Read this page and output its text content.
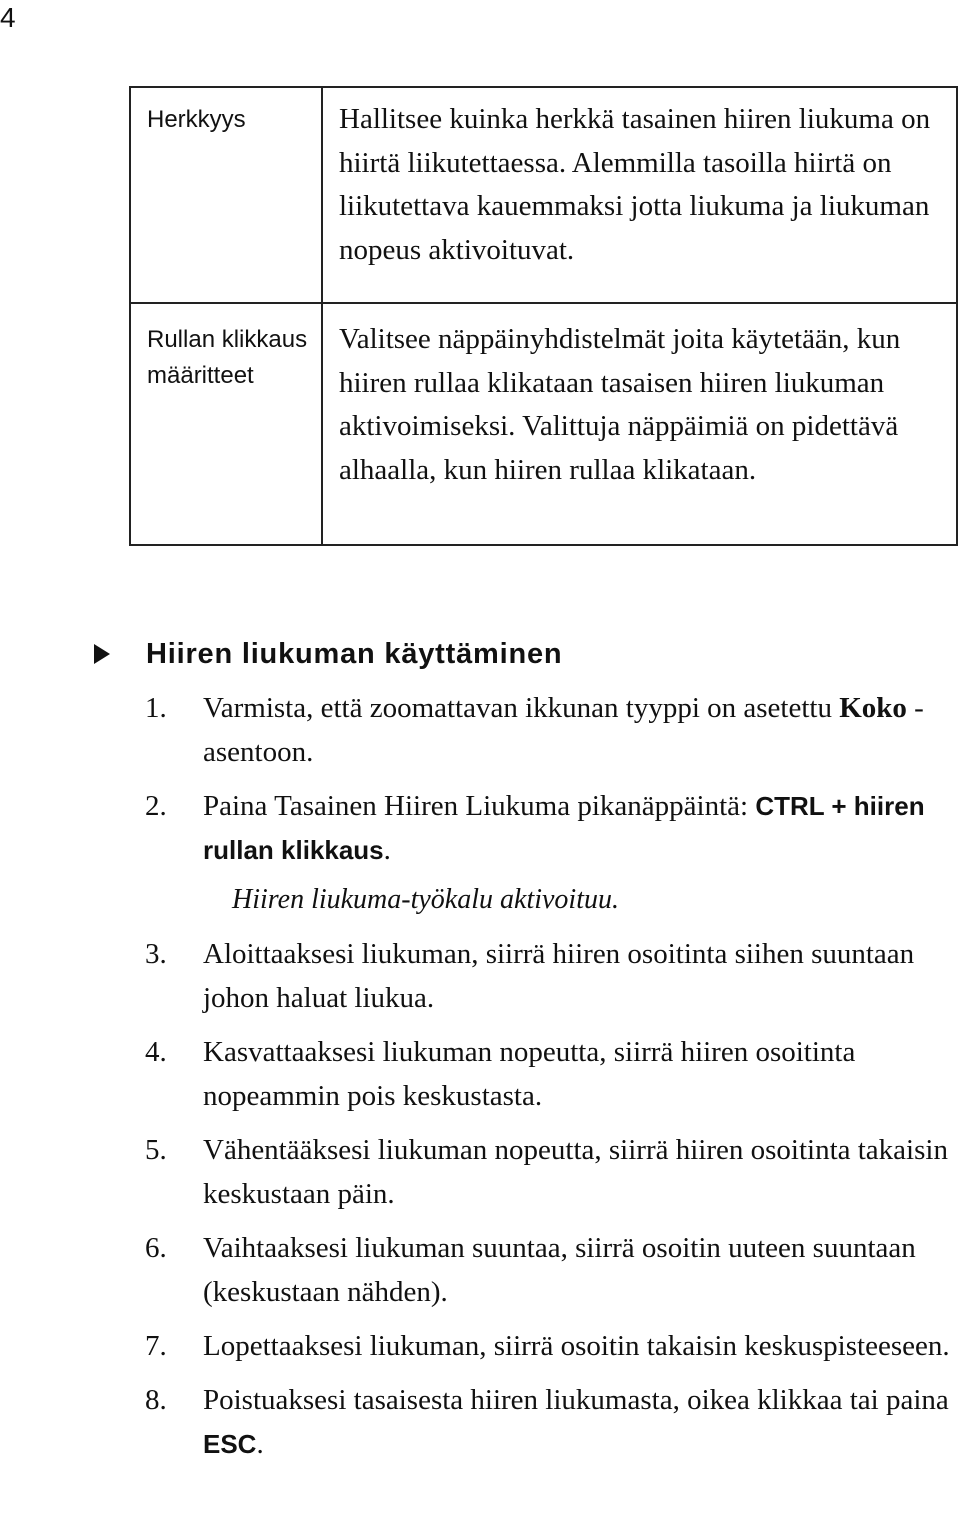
4
Herkkyys	Hallitsee kuinka herkkä tasainen hiiren liukuma on hiirtä liikutettaessa. Alemmilla tasoilla hiirtä on liikutettava kauemmaksi jotta liukuma ja liukuman nopeus aktivoituvat.
Rullan klikkaus määritteet	Valitsee näppäinyhdistelmät joita käytetään, kun hiiren rullaa klikataan tasaisen hiiren liukuman aktivoimiseksi. Valittuja näppäimiä on pidettävä alhaalla, kun hiiren rullaa klikataan.
Hiiren liukuman käyttäminen
1. Varmista, että zoomattavan ikkunan tyyppi on asetettu Koko -asentoon.
2. Paina Tasainen Hiiren Liukuma pikanäppäintä: CTRL + hiiren rullan klikkaus.
Hiiren liukuma-työkalu aktivoituu.
3. Aloittaaksesi liukuman, siirrä hiiren osoitinta siihen suuntaan johon haluat liukua.
4. Kasvattaaksesi liukuman nopeutta, siirrä hiiren osoitinta nopeammin pois keskustasta.
5. Vähentääksesi liukuman nopeutta, siirrä hiiren osoitinta takaisin keskustaan päin.
6. Vaihtaaksesi liukuman suuntaa, siirrä osoitin uuteen suuntaan (keskustaan nähden).
7. Lopettaaksesi liukuman, siirrä osoitin takaisin keskuspisteeseen.
8. Poistuaksesi tasaisesta hiiren liukumasta, oikea klikkaa tai paina ESC.
